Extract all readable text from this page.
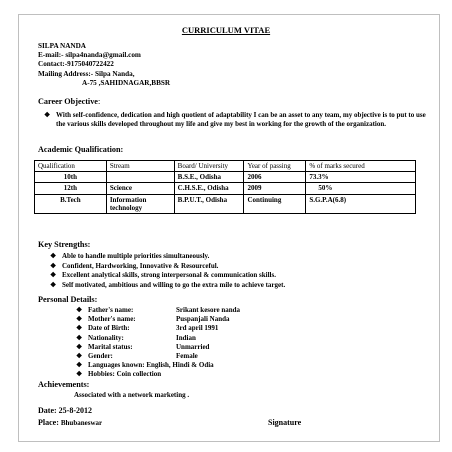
CURRICULUM VITAE
SILPA NANDA
E-mail:- silpa4nanda@gmail.com
Contact:-9175040722422
Mailing Address:- Silpa Nanda,
A-75 ,SAHIDNAGAR,BBSR
Career Objective:
❖ With self-confidence, dedication and high quotient of adaptability I can be an asset to any team, my objective is to put to use the various skills developed throughout my life and give my best in working for the growth of the organization.
Academic Qualification:
Qualification	Stream	Board/ University	Year of passing	% of marks secured
10th		B.S.E., Odisha	2006	73.3%
12th	Science	C.H.S.E., Odisha	2009	50%
B.Tech	Information technology	B.P.U.T., Odisha	Continuing	S.G.P.A(6.8)
Key Strengths:
❖ Able to handle multiple priorities simultaneously.
❖ Confident, Hardworking, Innovative & Resourceful.
❖ Excellent analytical skills, strong interpersonal & communication skills.
❖ Self motivated, ambitious and willing to go the extra mile to achieve target.
Personal Details:
❖ Father's name:	Srikant kesore nanda
❖ Mother's name:	Puspanjali Nanda
❖ Date of Birth:	3rd april 1991
❖ Nationality:	Indian
❖ Marital status:	Unmarried
❖ Gender:	Female
❖ Languages known: English, Hindi & Odia
❖ Hobbies: Coin collection
Achievements:
Associated with a network marketing .
Date: 25-8-2012
Place: Bhubaneswar	Signature
